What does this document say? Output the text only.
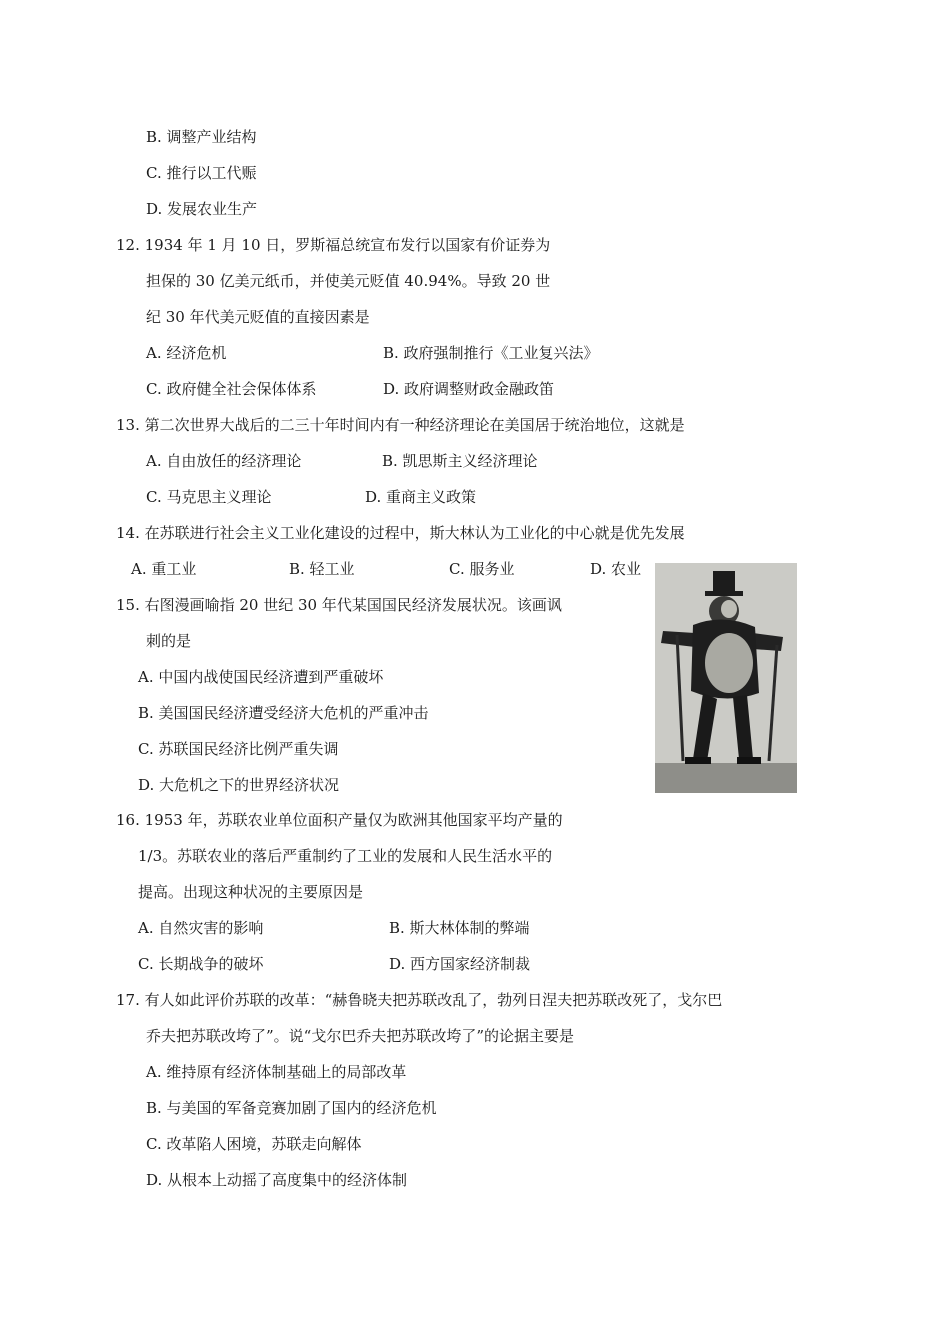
B. 调整产业结构
C. 推行以工代赈
D. 发展农业生产
12. 1934 年 1 月 10 日，罗斯福总统宣布发行以国家有价证券为
担保的 30 亿美元纸币，并使美元贬值 40.94%。导致 20 世
纪 30 年代美元贬值的直接因素是
A. 经济危机	B. 政府强制推行《工业复兴法》
C. 政府健全社会保体体系	D. 政府调整财政金融政笛
13. 第二次世界大战后的二三十年时间内有一种经济理论在美国居于统治地位，这就是
A. 自由放任的经济理论	B. 凯思斯主义经济理论
C. 马克思主义理论	D. 重商主义政策
14. 在苏联进行社会主义工业化建设的过程中，斯大林认为工业化的中心就是优先发展
A. 重工业	B. 轻工业	C. 服务业	D. 农业
15. 右图漫画喻指 20 世纪 30 年代某国国民经济发展状况。该画讽
刺的是
A. 中国内战使国民经济遭到严重破坏
B. 美国国民经济遭受经济大危机的严重冲击
C. 苏联国民经济比例严重失调
D. 大危机之下的世界经济状况
16. 1953 年，苏联农业单位面积产量仅为欧洲其他国家平均产量的
1/3。苏联农业的落后严重制约了工业的发展和人民生活水平的
提高。出现这种状况的主要原因是
A. 自然灾害的影响	B. 斯大林体制的弊端
C. 长期战争的破坏	D. 西方国家经济制裁
17. 有人如此评价苏联的改革：“赫鲁晓夫把苏联改乱了，勃列日涅夫把苏联改死了，戈尔巴
乔夫把苏联改垮了”。说“戈尔巴乔夫把苏联改垮了”的论据主要是
A. 维持原有经济体制基础上的局部改革
B. 与美国的军备竞赛加剧了国内的经济危机
C. 改革陷人困境，苏联走向解体
D. 从根本上动摇了高度集中的经济体制
